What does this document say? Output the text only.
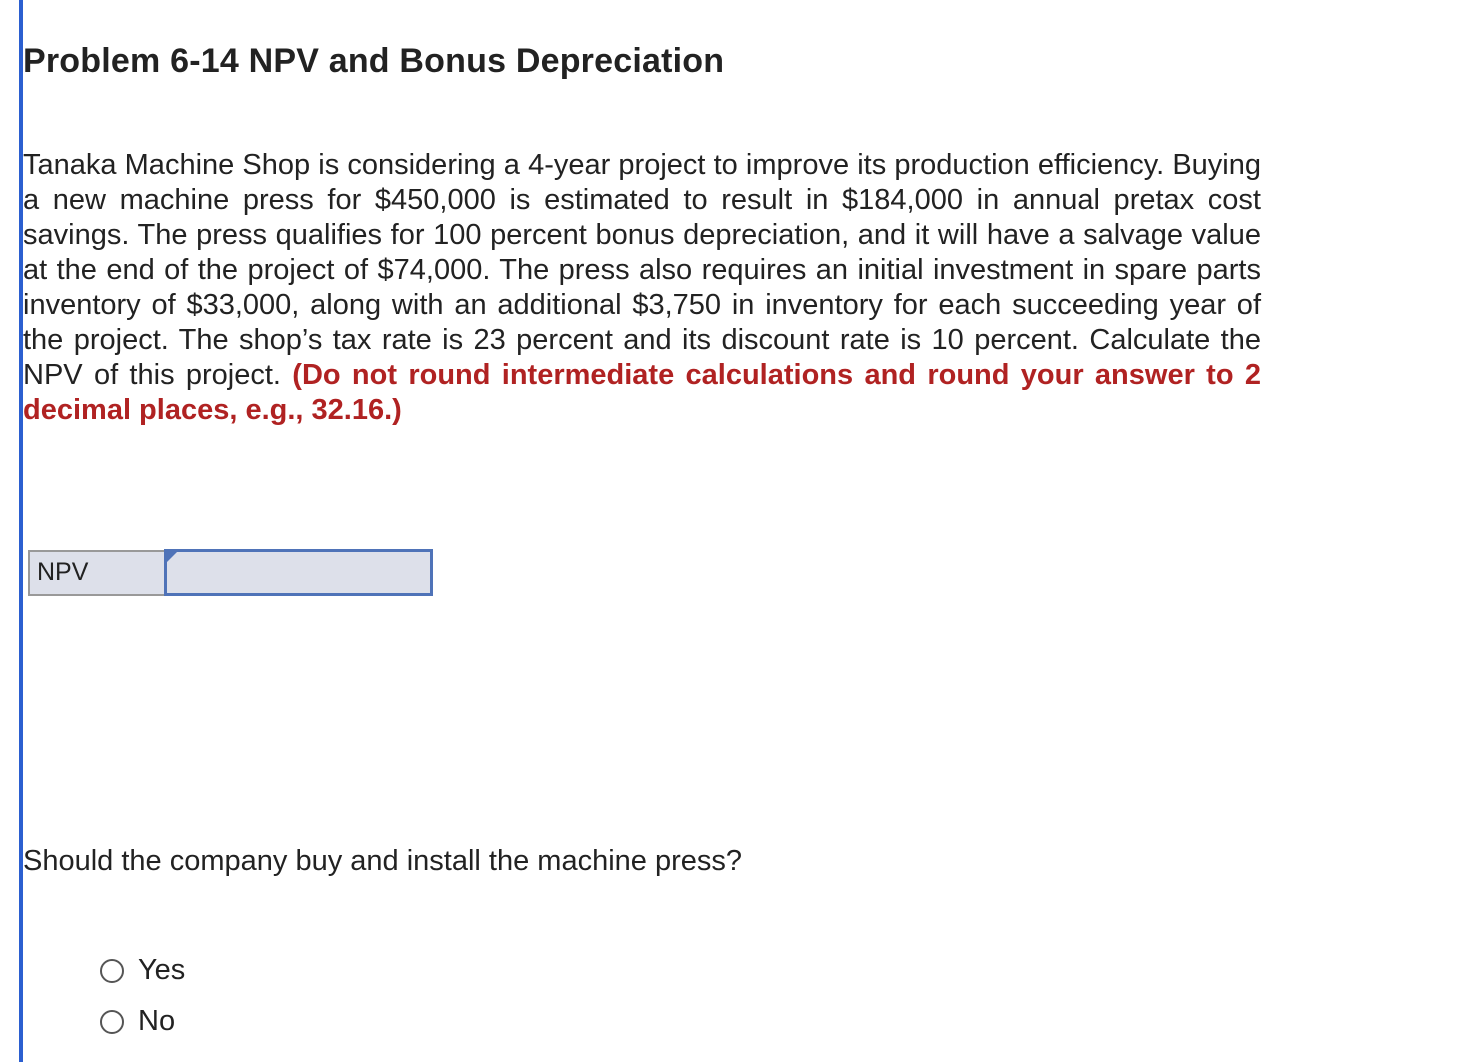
Problem 6-14 NPV and Bonus Depreciation
Tanaka Machine Shop is considering a 4-year project to improve its production efficiency. Buying a new machine press for $450,000 is estimated to result in $184,000 in annual pretax cost savings. The press qualifies for 100 percent bonus depreciation, and it will have a salvage value at the end of the project of $74,000. The press also requires an initial investment in spare parts inventory of $33,000, along with an additional $3,750 in inventory for each succeeding year of the project. The shop’s tax rate is 23 percent and its discount rate is 10 percent. Calculate the NPV of this project. (Do not round intermediate calculations and round your answer to 2 decimal places, e.g., 32.16.)
NPV	

Should the company buy and install the machine press?

Yes
No
